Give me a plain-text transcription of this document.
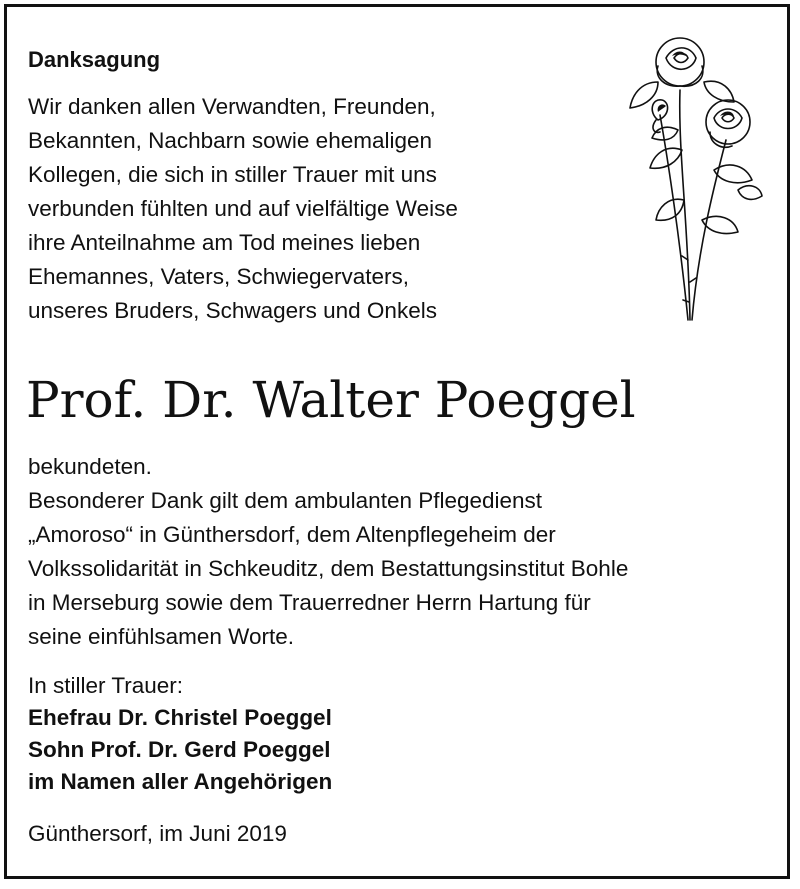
Danksagung
Wir danken allen Verwandten, Freunden,
Bekannten, Nachbarn sowie ehemaligen
Kollegen, die sich in stiller Trauer mit uns
verbunden fühlten und auf vielfältige Weise
ihre Anteilnahme am Tod meines lieben
Ehemannes, Vaters, Schwiegervaters,
unseres Bruders, Schwagers und Onkels
Prof. Dr. Walter Poeggel
bekundeten.
Besonderer Dank gilt dem ambulanten Pflegedienst
„Amoroso“ in Günthersdorf, dem Altenpflegeheim der
Volkssolidarität in Schkeuditz, dem Bestattungsinstitut Bohle
in Merseburg sowie dem Trauerredner Herrn Hartung für
seine einfühlsamen Worte.
In stiller Trauer:
Ehefrau Dr. Christel Poeggel
Sohn Prof. Dr. Gerd Poeggel
im Namen aller Angehörigen
Günthersorf, im Juni 2019
